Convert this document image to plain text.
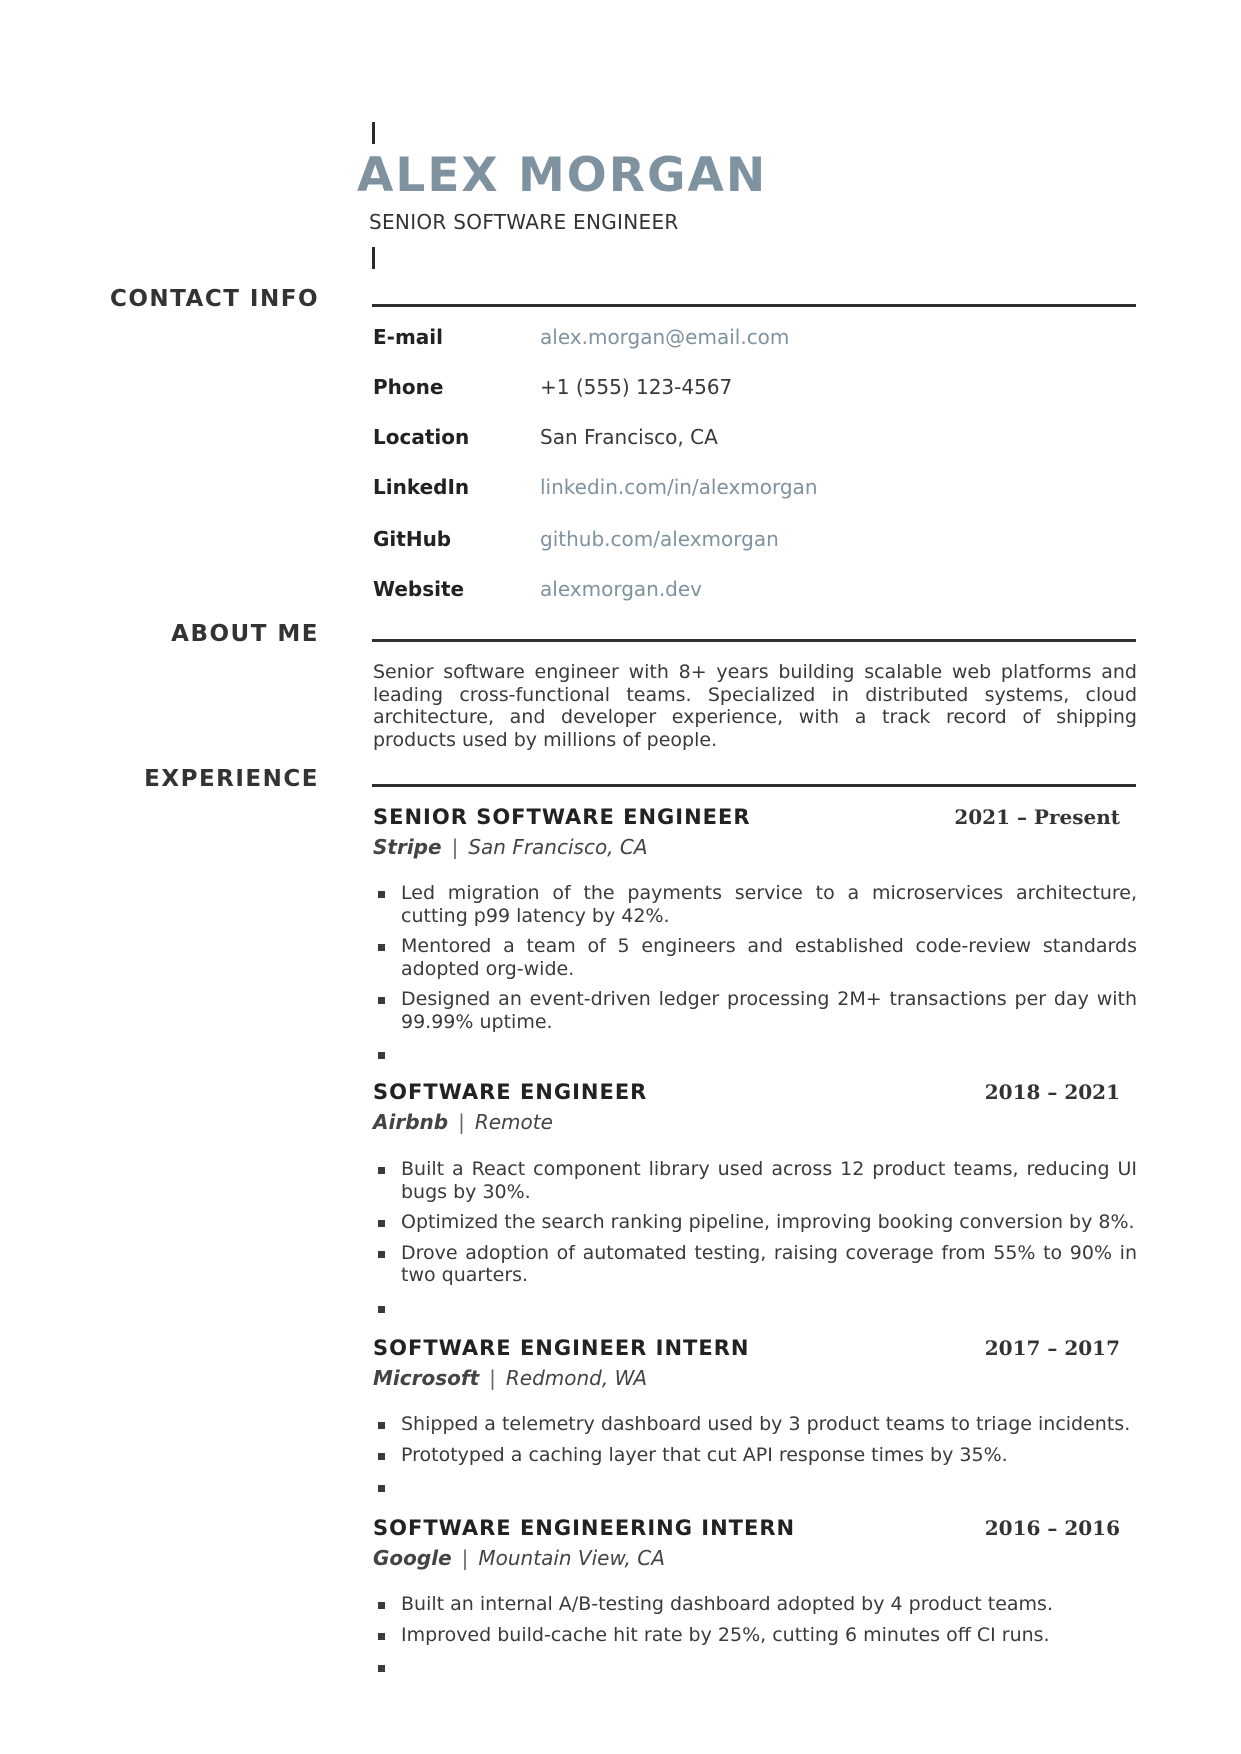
ALEX MORGAN

SENIOR SOFTWARE ENGINEER

CONTACT INFO
E-mail	alex.morgan@email.com
Phone	+1 (555) 123-4567
Location	San Francisco, CA
LinkedIn	linkedin.com/in/alexmorgan
GitHub	github.com/alexmorgan
Website	alexmorgan.dev
ABOUT ME

Senior software engineer with 8+ years building scalable web platforms and leading cross-functional teams. Specialized in distributed systems, cloud architecture, and developer experience, with a track record of shipping products used by millions of people.

EXPERIENCE
SENIOR SOFTWARE ENGINEER	2021 – Present
Stripe | San Francisco, CA
Led migration of the payments service to a microservices architecture, cutting p99 latency by 42%.
Mentored a team of 5 engineers and established code-review standards adopted org-wide.
Designed an event-driven ledger processing 2M+ transactions per day with 99.99% uptime.
SOFTWARE ENGINEER	2018 – 2021
Airbnb | Remote
Built a React component library used across 12 product teams, reducing UI bugs by 30%.
Optimized the search ranking pipeline, improving booking conversion by 8%.
Drove adoption of automated testing, raising coverage from 55% to 90% in two quarters.
SOFTWARE ENGINEER INTERN	2017 – 2017
Microsoft | Redmond, WA
Shipped a telemetry dashboard used by 3 product teams to triage incidents.
Prototyped a caching layer that cut API response times by 35%.
SOFTWARE ENGINEERING INTERN	2016 – 2016
Google | Mountain View, CA
Built an internal A/B-testing dashboard adopted by 4 product teams.
Improved build-cache hit rate by 25%, cutting 6 minutes off CI runs.
